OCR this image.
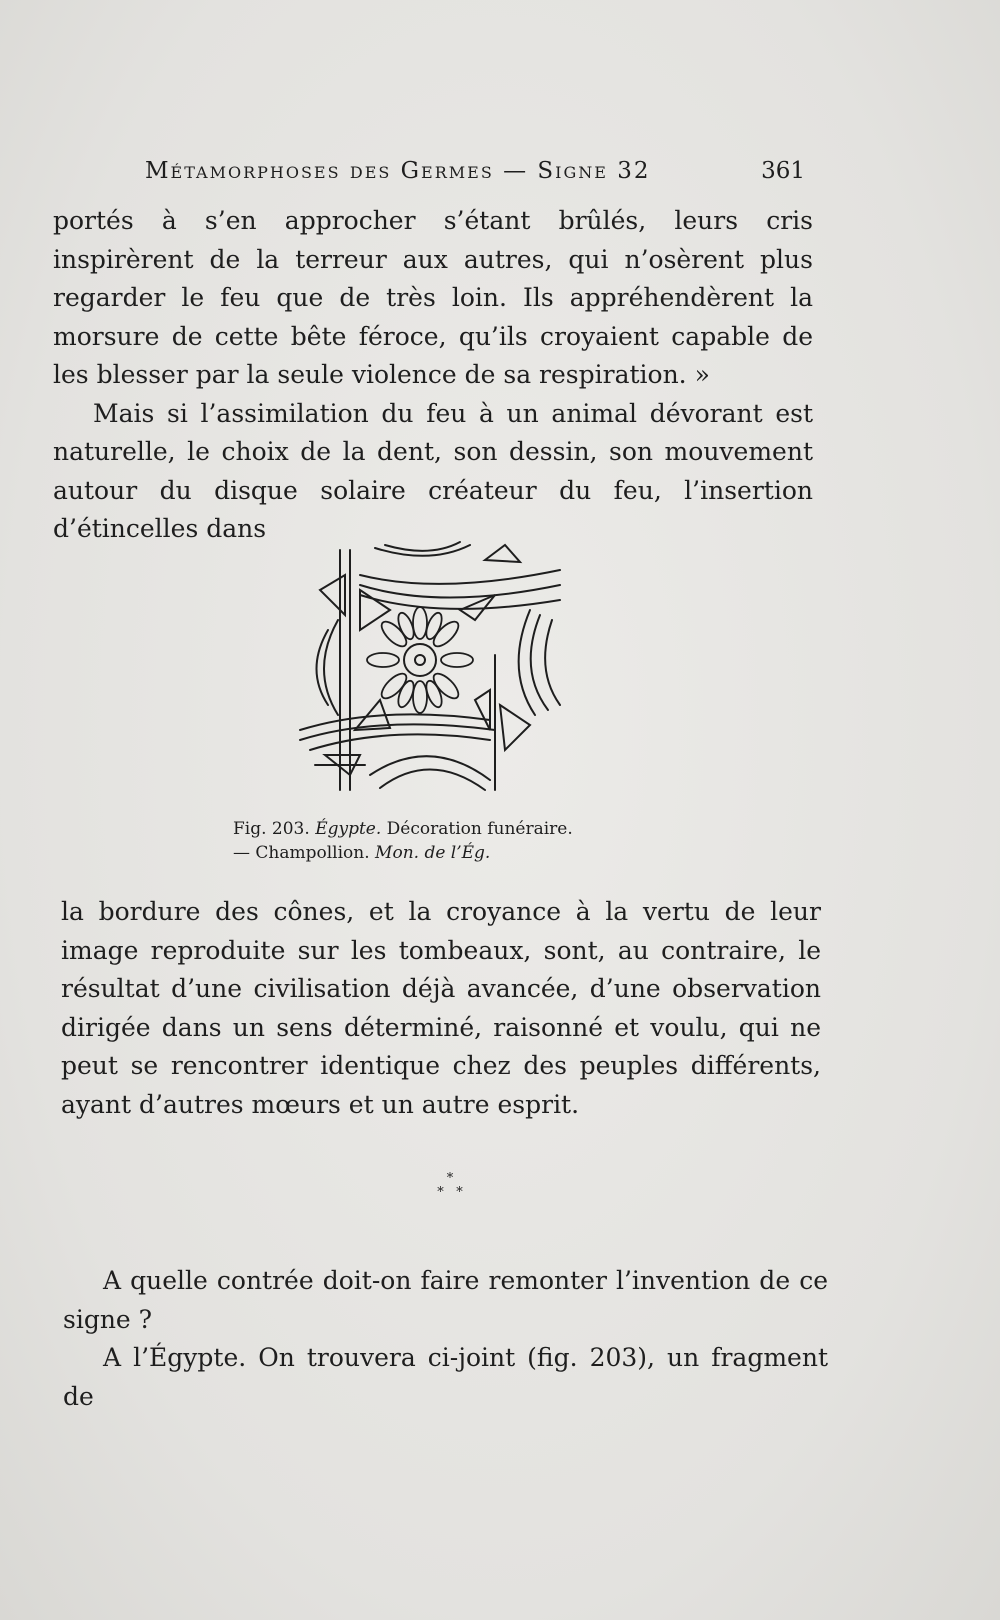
Métamorphoses des Germes — Signe 32	361

portés à s’en approcher s’étant brûlés, leurs cris inspirèrent de la terreur aux autres, qui n’osèrent plus regarder le feu que de très loin. Ils appréhendèrent la morsure de cette bête féroce, qu’ils croyaient capable de les blesser par la seule violence de sa respiration. »

Mais si l’assimilation du feu à un animal dévorant est naturelle, le choix de la dent, son dessin, son mouvement autour du disque solaire créateur du feu, l’insertion d’étincelles dans

Fig. 203. Égypte. Décoration funéraire.
— Champollion. Mon. de l’Ég.

la bordure des cônes, et la croyance à la vertu de leur image reproduite sur les tombeaux, sont, au contraire, le résultat d’une civilisation déjà avancée, d’une observation dirigée dans un sens déterminé, raisonné et voulu, qui ne peut se rencontrer identique chez des peuples différents, ayant d’autres mœurs et un autre esprit.

*
*   *

A quelle contrée doit-on faire remonter l’invention de ce signe ?

A l’Égypte. On trouvera ci-joint (fig. 203), un fragment de
